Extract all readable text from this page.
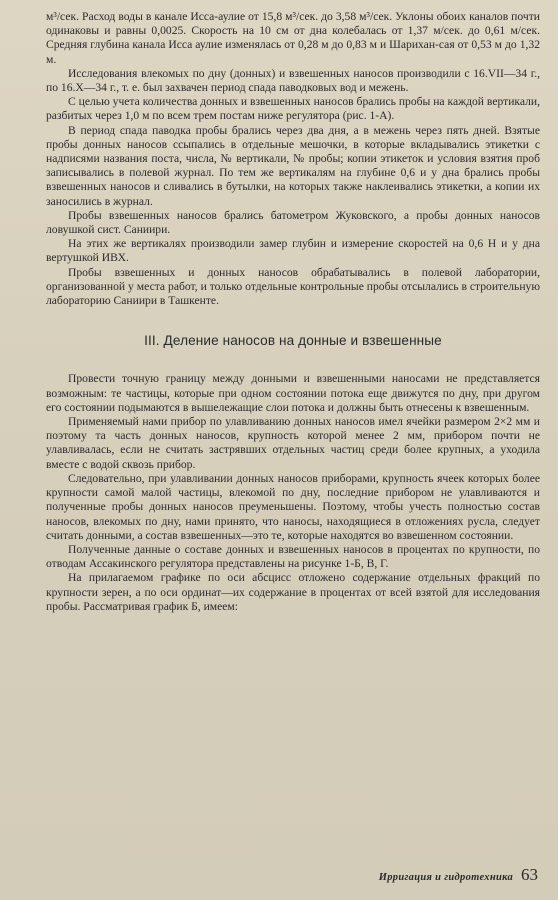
м³/сек. Расход воды в канале Исса-аулие от 15,8 м³/сек. до 3,58 м³/сек. Уклоны обоих каналов почти одинаковы и равны 0,0025. Скорость на 10 см от дна колебалась от 1,37 м/сек. до 0,61 м/сек. Средняя глубина канала Исса аулие изменялась от 0,28 м до 0,83 м и Шарихан-сая от 0,53 м до 1,32 м.

Исследования влекомых по дну (донных) и взвешенных наносов производили с 16.VII—34 г., по 16.X—34 г., т. е. был захвачен период спада паводковых вод и межень.

С целью учета количества донных и взвешенных наносов брались пробы на каждой вертикали, разбитых через 1,0 м по всем трем постам ниже регулятора (рис. 1-А).

В период спада паводка пробы брались через два дня, а в межень через пять дней. Взятые пробы донных наносов ссыпались в отдельные мешочки, в которые вкладывались этикетки с надписями названия поста, числа, № вертикали, № пробы; копии этикеток и условия взятия проб записывались в полевой журнал. По тем же вертикалям на глубине 0,6 и у дна брались пробы взвешенных наносов и сливались в бутылки, на которых также наклеивались этикетки, а копии их заносились в журнал.

Пробы взвешенных наносов брались батометром Жуковского, а пробы донных наносов ловушкой сист. Саниири.

На этих же вертикалях производили замер глубин и измерение скоростей на 0,6 Н и у дна вертушкой ИВХ.

Пробы взвешенных и донных наносов обрабатывались в полевой лаборатории, организованной у места работ, и только отдельные контрольные пробы отсылались в строительную лабораторию Саниири в Ташкенте.

III. Деление наносов на донные и взвешенные

Провести точную границу между донными и взвешенными наносами не представляется возможным: те частицы, которые при одном состоянии потока еще движутся по дну, при другом его состоянии подымаются в вышележащие слои потока и должны быть отнесены к взвешенным.

Применяемый нами прибор по улавливанию донных наносов имел ячейки размером 2×2 мм и поэтому та часть донных наносов, крупность которой менее 2 мм, прибором почти не улавливалась, если не считать застрявших отдельных частиц среди более крупных, а уходила вместе с водой сквозь прибор.

Следовательно, при улавливании донных наносов приборами, крупность ячеек которых более крупности самой малой частицы, влекомой по дну, последние прибором не улавливаются и полученные пробы донных наносов преуменьшены. Поэтому, чтобы учесть полностью состав наносов, влекомых по дну, нами принято, что наносы, находящиеся в отложениях русла, следует считать донными, а состав взвешенных—это те, которые находятся во взвешенном состоянии.

Полученные данные о составе донных и взвешенных наносов в процентах по крупности, по отводам Ассакинского регулятора представлены на рисунке 1-Б, В, Г.

На прилагаемом графике по оси абсцисс отложено содержание отдельных фракций по крупности зерен, а по оси ординат—их содержание в процентах от всей взятой для исследования пробы. Рассматривая график Б, имеем:

Ирригация и гидротехника 63
